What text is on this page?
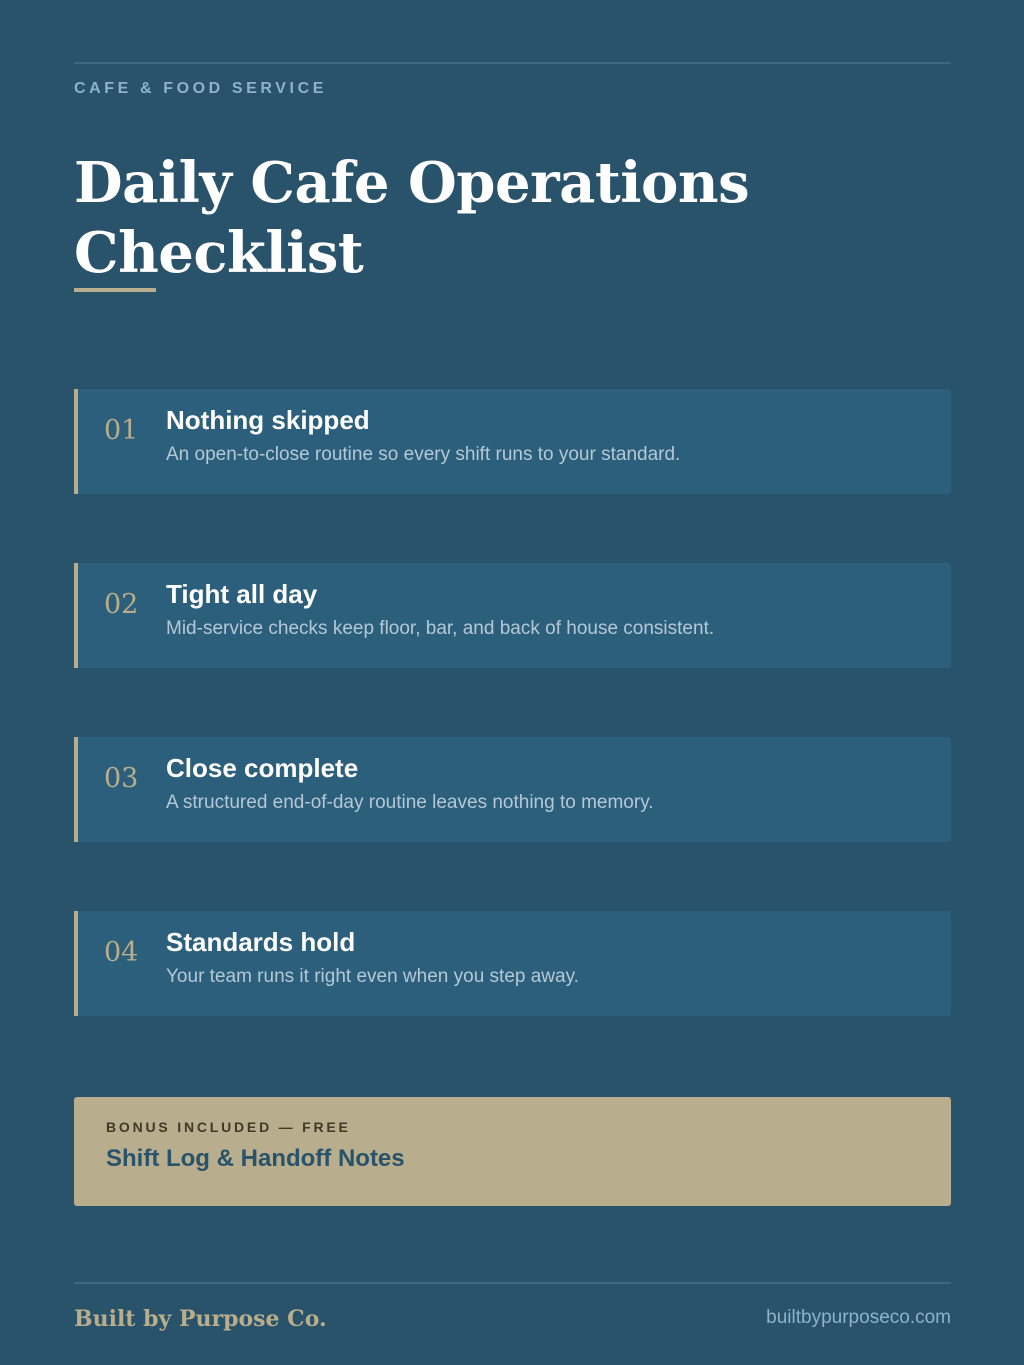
CAFE & FOOD SERVICE
Daily Cafe Operations Checklist
01 Nothing skipped
An open-to-close routine so every shift runs to your standard.
02 Tight all day
Mid-service checks keep floor, bar, and back of house consistent.
03 Close complete
A structured end-of-day routine leaves nothing to memory.
04 Standards hold
Your team runs it right even when you step away.
BONUS INCLUDED — FREE
Shift Log & Handoff Notes
Built by Purpose Co.	builtbypurposeco.com
